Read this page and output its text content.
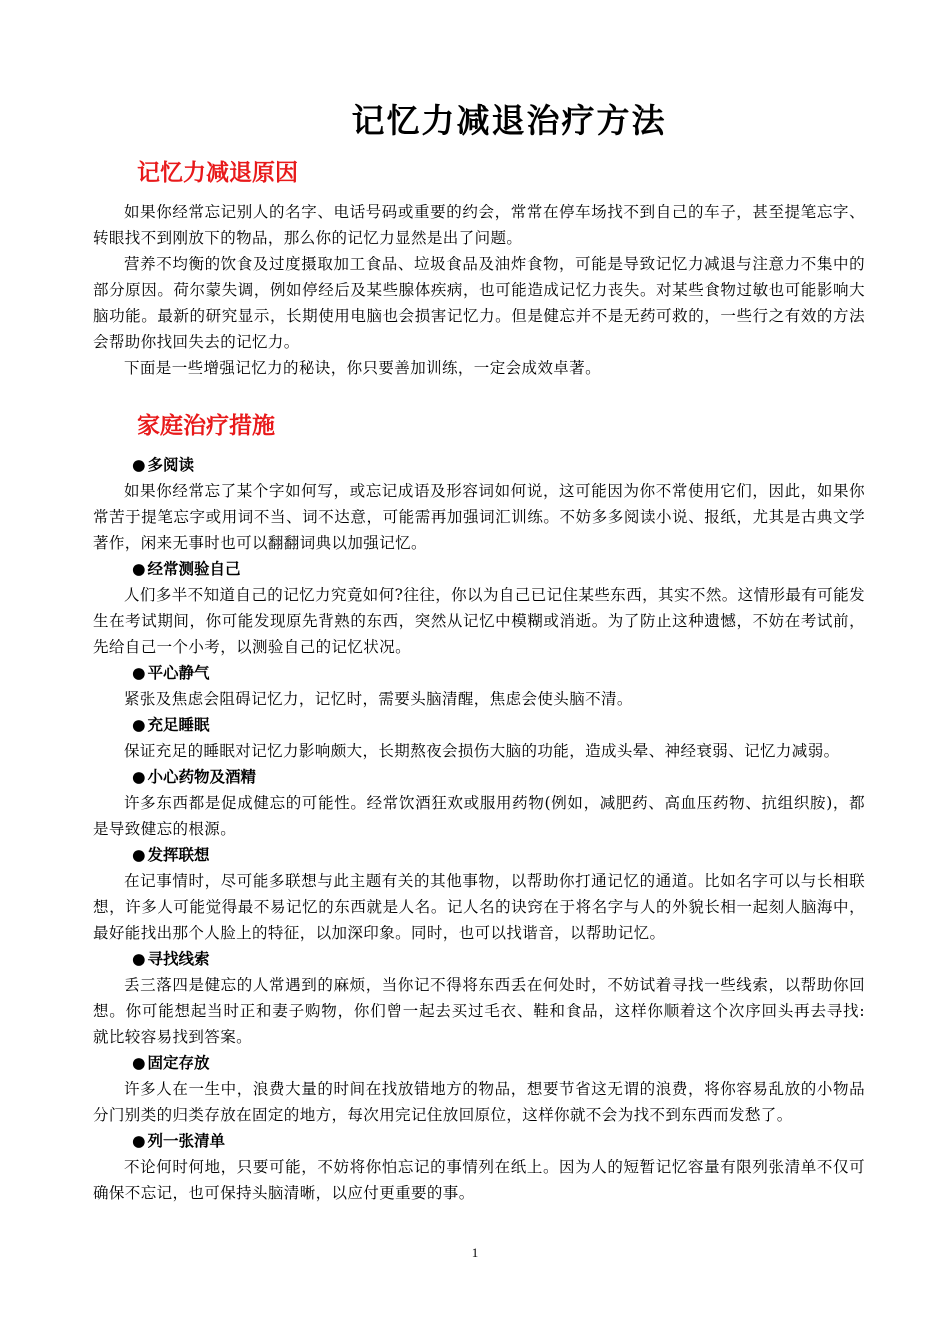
记忆力减退治疗方法
记忆力减退原因

如果你经常忘记别人的名字、电话号码或重要的约会，常常在停车场找不到自己的车子，甚至提笔忘字、转眼找不到刚放下的物品，那么你的记忆力显然是出了问题。

营养不均衡的饮食及过度摄取加工食品、垃圾食品及油炸食物，可能是导致记忆力减退与注意力不集中的部分原因。荷尔蒙失调，例如停经后及某些腺体疾病，也可能造成记忆力丧失。对某些食物过敏也可能影响大脑功能。最新的研究显示，长期使用电脑也会损害记忆力。但是健忘并不是无药可救的，一些行之有效的方法会帮助你找回失去的记忆力。

下面是一些增强记忆力的秘诀，你只要善加训练，一定会成效卓著。

家庭治疗措施

● 多阅读

如果你经常忘了某个字如何写，或忘记成语及形容词如何说，这可能因为你不常使用它们，因此，如果你常苦于提笔忘字或用词不当、词不达意，可能需再加强词汇训练。不妨多多阅读小说、报纸，尤其是古典文学著作，闲来无事时也可以翻翻词典以加强记忆。

● 经常测验自己

人们多半不知道自己的记忆力究竟如何?往往，你以为自己已记住某些东西，其实不然。这情形最有可能发生在考试期间，你可能发现原先背熟的东西，突然从记忆中模糊或消逝。为了防止这种遗憾，不妨在考试前，先给自己一个小考，以测验自己的记忆状况。

● 平心静气

紧张及焦虑会阻碍记忆力，记忆时，需要头脑清醒，焦虑会使头脑不清。

● 充足睡眠

保证充足的睡眠对记忆力影响颇大，长期熬夜会损伤大脑的功能，造成头晕、神经衰弱、记忆力减弱。

● 小心药物及酒精

许多东西都是促成健忘的可能性。经常饮酒狂欢或服用药物(例如，减肥药、高血压药物、抗组织胺)，都是导致健忘的根源。

● 发挥联想

在记事情时，尽可能多联想与此主题有关的其他事物，以帮助你打通记忆的通道。比如名字可以与长相联想，许多人可能觉得最不易记忆的东西就是人名。记人名的诀窍在于将名字与人的外貌长相一起刻人脑海中，最好能找出那个人脸上的特征，以加深印象。同时，也可以找谐音，以帮助记忆。

● 寻找线索

丢三落四是健忘的人常遇到的麻烦，当你记不得将东西丢在何处时，不妨试着寻找一些线索，以帮助你回想。你可能想起当时正和妻子购物，你们曾一起去买过毛衣、鞋和食品，这样你顺着这个次序回头再去寻找: 就比较容易找到答案。

● 固定存放

许多人在一生中，浪费大量的时间在找放错地方的物品，想要节省这无谓的浪费，将你容易乱放的小物品分门别类的归类存放在固定的地方，每次用完记住放回原位，这样你就不会为找不到东西而发愁了。

● 列一张清单

不论何时何地，只要可能，不妨将你怕忘记的事情列在纸上。因为人的短暂记忆容量有限列张清单不仅可确保不忘记，也可保持头脑清晰，以应付更重要的事。

1
